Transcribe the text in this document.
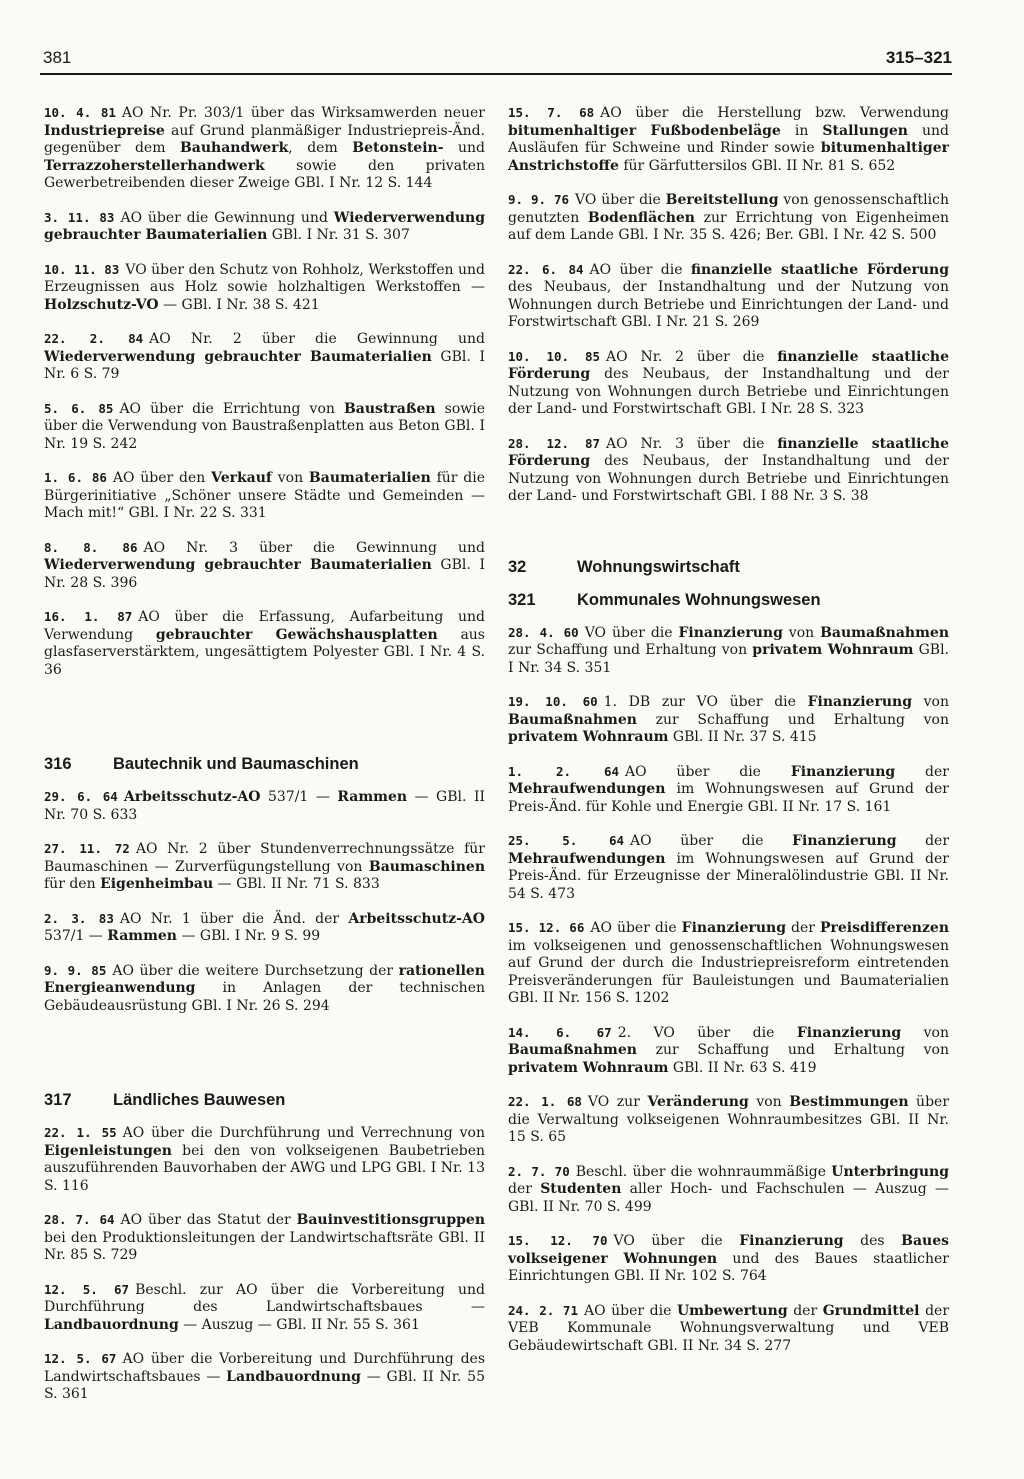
381	315–321

10. 4. 81 AO Nr. Pr. 303/1 über das Wirksamwerden neuer Industriepreise auf Grund planmäßiger Industriepreis-Änd. gegenüber dem Bauhandwerk, dem Betonstein- und Terrazzoherstellerhandwerk sowie den privaten Gewerbetreibenden dieser Zweige GBl. I Nr. 12 S. 144

3. 11. 83 AO über die Gewinnung und Wiederverwendung gebrauchter Baumaterialien GBl. I Nr. 31 S. 307

10. 11. 83 VO über den Schutz von Rohholz, Werkstoffen und Erzeugnissen aus Holz sowie holzhaltigen Werkstoffen — Holzschutz-VO — GBl. I Nr. 38 S. 421

22. 2. 84 AO Nr. 2 über die Gewinnung und Wiederverwendung gebrauchter Baumaterialien GBl. I Nr. 6 S. 79

5. 6. 85 AO über die Errichtung von Baustraßen sowie über die Verwendung von Baustraßenplatten aus Beton GBl. I Nr. 19 S. 242

1. 6. 86 AO über den Verkauf von Baumaterialien für die Bürgerinitiative „Schöner unsere Städte und Gemeinden — Mach mit!“ GBl. I Nr. 22 S. 331

8. 8. 86 AO Nr. 3 über die Gewinnung und Wiederverwendung gebrauchter Baumaterialien GBl. I Nr. 28 S. 396

16. 1. 87 AO über die Erfassung, Aufarbeitung und Verwendung gebrauchter Gewächshausplatten aus glasfaserverstärktem, ungesättigtem Polyester GBl. I Nr. 4 S. 36

316	Bautechnik und Baumaschinen

29. 6. 64 Arbeitsschutz-AO 537/1 — Rammen — GBl. II Nr. 70 S. 633

27. 11. 72 AO Nr. 2 über Stundenverrechnungssätze für Baumaschinen — Zurverfügungstellung von Baumaschinen für den Eigenheimbau — GBl. II Nr. 71 S. 833

2. 3. 83 AO Nr. 1 über die Änd. der Arbeitsschutz-AO 537/1 — Rammen — GBl. I Nr. 9 S. 99

9. 9. 85 AO über die weitere Durchsetzung der rationellen Energieanwendung in Anlagen der technischen Gebäudeausrüstung GBl. I Nr. 26 S. 294

317	Ländliches Bauwesen

22. 1. 55 AO über die Durchführung und Verrechnung von Eigenleistungen bei den von volkseigenen Baubetrieben auszuführenden Bauvorhaben der AWG und LPG GBl. I Nr. 13 S. 116

28. 7. 64 AO über das Statut der Bauinvestitionsgruppen bei den Produktionsleitungen der Landwirtschaftsräte GBl. II Nr. 85 S. 729

12. 5. 67 Beschl. zur AO über die Vorbereitung und Durchführung des Landwirtschaftsbaues — Landbauordnung — Auszug — GBl. II Nr. 55 S. 361

12. 5. 67 AO über die Vorbereitung und Durchführung des Landwirtschaftsbaues — Landbauordnung — GBl. II Nr. 55 S. 361

15. 7. 68 AO über die Herstellung bzw. Verwendung bitumenhaltiger Fußbodenbeläge in Stallungen und Ausläufen für Schweine und Rinder sowie bitumenhaltiger Anstrichstoffe für Gärfuttersilos GBl. II Nr. 81 S. 652

9. 9. 76 VO über die Bereitstellung von genossenschaftlich genutzten Bodenflächen zur Errichtung von Eigenheimen auf dem Lande GBl. I Nr. 35 S. 426; Ber. GBl. I Nr. 42 S. 500

22. 6. 84 AO über die finanzielle staatliche Förderung des Neubaus, der Instandhaltung und der Nutzung von Wohnungen durch Betriebe und Einrichtungen der Land- und Forstwirtschaft GBl. I Nr. 21 S. 269

10. 10. 85 AO Nr. 2 über die finanzielle staatliche Förderung des Neubaus, der Instandhaltung und der Nutzung von Wohnungen durch Betriebe und Einrichtungen der Land- und Forstwirtschaft GBl. I Nr. 28 S. 323

28. 12. 87 AO Nr. 3 über die finanzielle staatliche Förderung des Neubaus, der Instandhaltung und der Nutzung von Wohnungen durch Betriebe und Einrichtungen der Land- und Forstwirtschaft GBl. I 88 Nr. 3 S. 38

32	Wohnungswirtschaft
321	Kommunales Wohnungswesen

28. 4. 60 VO über die Finanzierung von Baumaßnahmen zur Schaffung und Erhaltung von privatem Wohnraum GBl. I Nr. 34 S. 351

19. 10. 60 1. DB zur VO über die Finanzierung von Baumaßnahmen zur Schaffung und Erhaltung von privatem Wohnraum GBl. II Nr. 37 S. 415

1. 2. 64 AO über die Finanzierung der Mehraufwendungen im Wohnungswesen auf Grund der Preis-Änd. für Kohle und Energie GBl. II Nr. 17 S. 161

25. 5. 64 AO über die Finanzierung der Mehraufwendungen im Wohnungswesen auf Grund der Preis-Änd. für Erzeugnisse der Mineralölindustrie GBl. II Nr. 54 S. 473

15. 12. 66 AO über die Finanzierung der Preisdifferenzen im volkseigenen und genossenschaftlichen Wohnungswesen auf Grund der durch die Industriepreisreform eintretenden Preisveränderungen für Bauleistungen und Baumaterialien GBl. II Nr. 156 S. 1202

14. 6. 67 2. VO über die Finanzierung von Baumaßnahmen zur Schaffung und Erhaltung von privatem Wohnraum GBl. II Nr. 63 S. 419

22. 1. 68 VO zur Veränderung von Bestimmungen über die Verwaltung volkseigenen Wohnraumbesitzes GBl. II Nr. 15 S. 65

2. 7. 70 Beschl. über die wohnraummäßige Unterbringung der Studenten aller Hoch- und Fachschulen — Auszug — GBl. II Nr. 70 S. 499

15. 12. 70 VO über die Finanzierung des Baues volkseigener Wohnungen und des Baues staatlicher Einrichtungen GBl. II Nr. 102 S. 764

24. 2. 71 AO über die Umbewertung der Grundmittel der VEB Kommunale Wohnungsverwaltung und VEB Gebäudewirtschaft GBl. II Nr. 34 S. 277
